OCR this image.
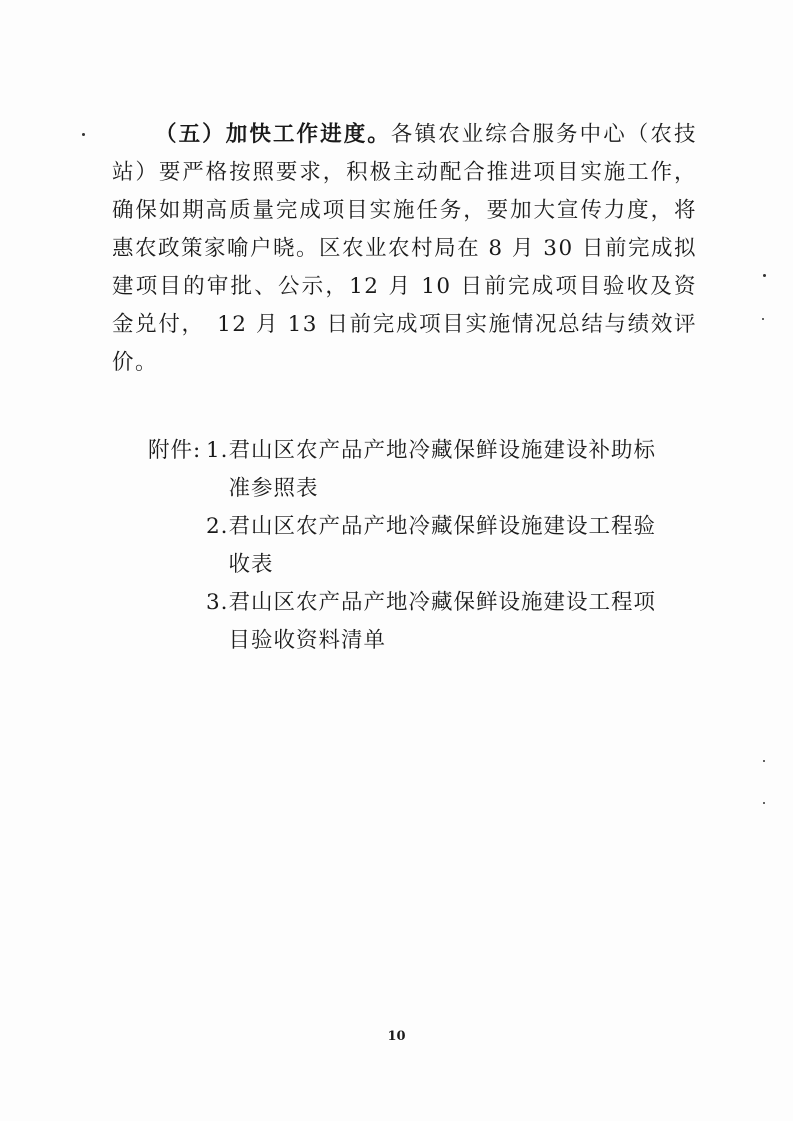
（五）加快工作进度。各镇农业综合服务中心（农技站）要严格按照要求，积极主动配合推进项目实施工作，确保如期高质量完成项目实施任务，要加大宣传力度，将惠农政策家喻户晓。区农业农村局在 8 月 30 日前完成拟建项目的审批、公示，12 月 10 日前完成项目验收及资金兑付，　12 月 13 日前完成项目实施情况总结与绩效评价。

附件: 1. 君山区农产品产地冷藏保鲜设施建设补助标准参照表
2. 君山区农产品产地冷藏保鲜设施建设工程验收表
3. 君山区农产品产地冷藏保鲜设施建设工程项目验收资料清单
10
